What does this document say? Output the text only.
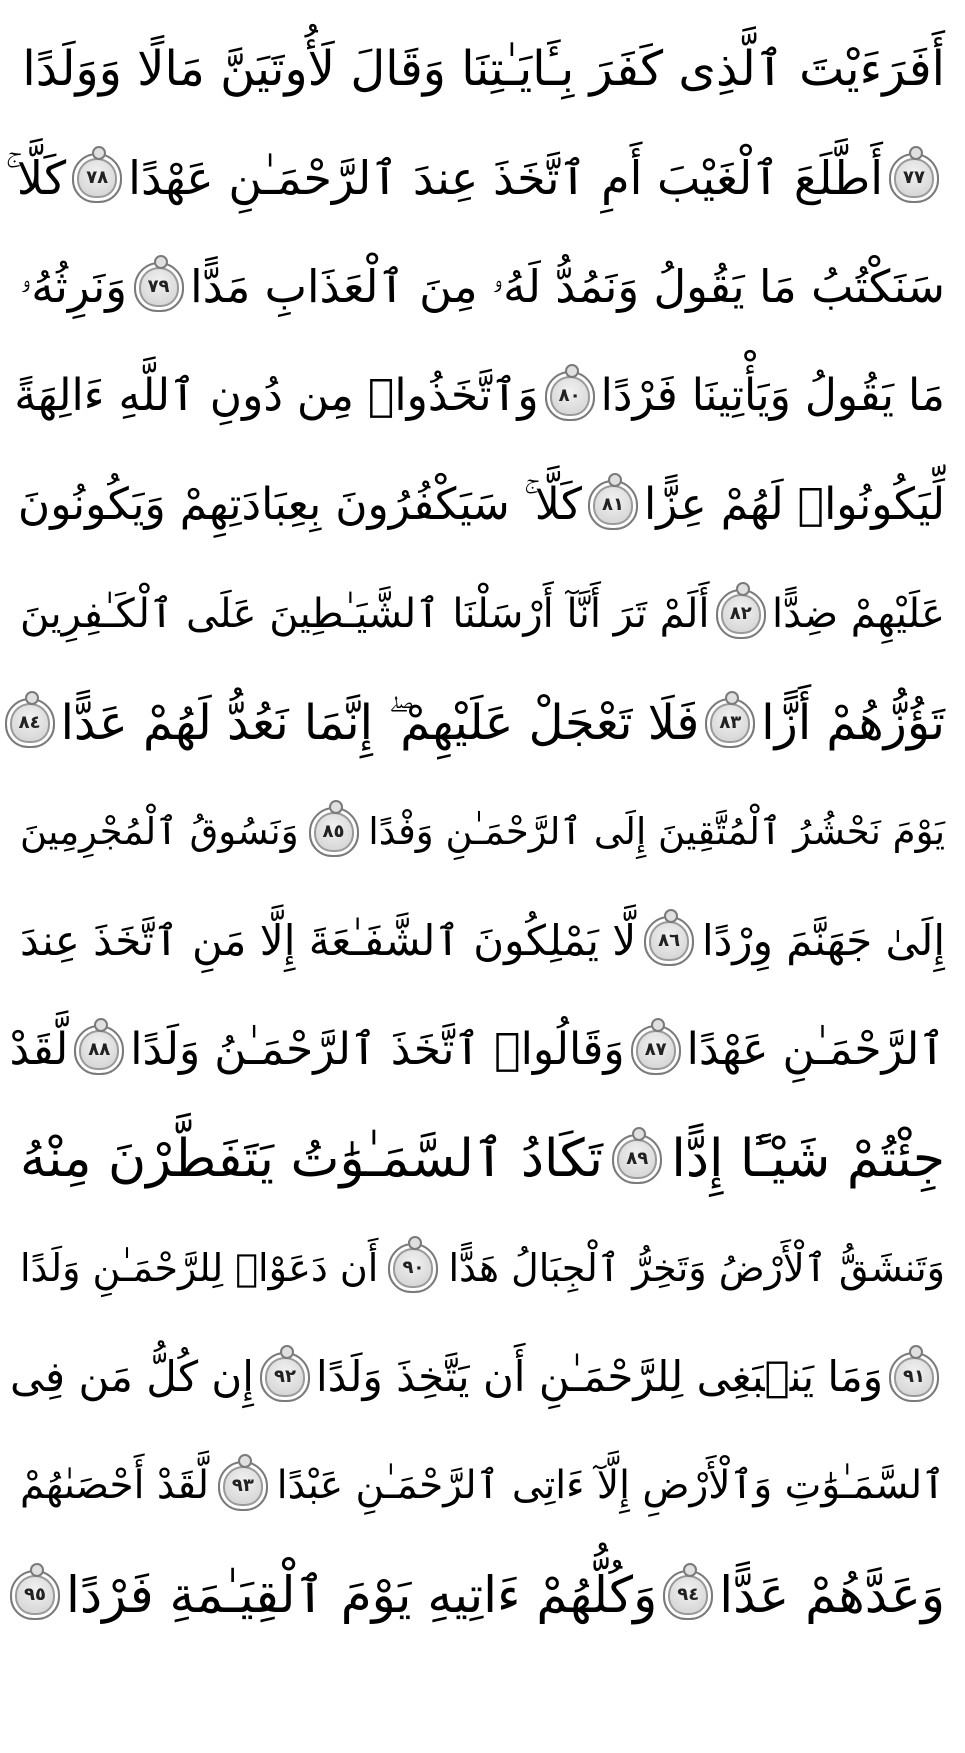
أَفَرَءَيْتَ ٱلَّذِى كَفَرَ بِـَٔايَـٰتِنَا وَقَالَ لَأُوتَيَنَّ مَالًا وَوَلَدًا
٧٧
أَطَّلَعَ ٱلْغَيْبَ أَمِ ٱتَّخَذَ عِندَ ٱلرَّحْمَـٰنِ عَهْدًا
٧٨
كَلَّا ۚ
سَنَكْتُبُ مَا يَقُولُ وَنَمُدُّ لَهُۥ مِنَ ٱلْعَذَابِ مَدًّا
٧٩
وَنَرِثُهُۥ
مَا يَقُولُ وَيَأْتِينَا فَرْدًا
٨٠
وَٱتَّخَذُوا۟ مِن دُونِ ٱللَّهِ ءَالِهَةً
لِّيَكُونُوا۟ لَهُمْ عِزًّا
٨١
كَلَّا ۚ سَيَكْفُرُونَ بِعِبَادَتِهِمْ وَيَكُونُونَ
عَلَيْهِمْ ضِدًّا
٨٢
أَلَمْ تَرَ أَنَّآ أَرْسَلْنَا ٱلشَّيَـٰطِينَ عَلَى ٱلْكَـٰفِرِينَ
تَؤُزُّهُمْ أَزًّا
٨٣
فَلَا تَعْجَلْ عَلَيْهِمْ ۖ إِنَّمَا نَعُدُّ لَهُمْ عَدًّا
٨٤
يَوْمَ نَحْشُرُ ٱلْمُتَّقِينَ إِلَى ٱلرَّحْمَـٰنِ وَفْدًا
٨٥
وَنَسُوقُ ٱلْمُجْرِمِينَ
إِلَىٰ جَهَنَّمَ وِرْدًا
٨٦
لَّا يَمْلِكُونَ ٱلشَّفَـٰعَةَ إِلَّا مَنِ ٱتَّخَذَ عِندَ
ٱلرَّحْمَـٰنِ عَهْدًا
٨٧
وَقَالُوا۟ ٱتَّخَذَ ٱلرَّحْمَـٰنُ وَلَدًا
٨٨
لَّقَدْ
جِئْتُمْ شَيْـًٔا إِدًّا
٨٩
تَكَادُ ٱلسَّمَـٰوَٰتُ يَتَفَطَّرْنَ مِنْهُ
وَتَنشَقُّ ٱلْأَرْضُ وَتَخِرُّ ٱلْجِبَالُ هَدًّا
٩٠
أَن دَعَوْا۟ لِلرَّحْمَـٰنِ وَلَدًا
٩١
وَمَا يَنۢبَغِى لِلرَّحْمَـٰنِ أَن يَتَّخِذَ وَلَدًا
٩٢
إِن كُلُّ مَن فِى
ٱلسَّمَـٰوَٰتِ وَٱلْأَرْضِ إِلَّآ ءَاتِى ٱلرَّحْمَـٰنِ عَبْدًا
٩٣
لَّقَدْ أَحْصَىٰهُمْ
وَعَدَّهُمْ عَدًّا
٩٤
وَكُلُّهُمْ ءَاتِيهِ يَوْمَ ٱلْقِيَـٰمَةِ فَرْدًا
٩٥
